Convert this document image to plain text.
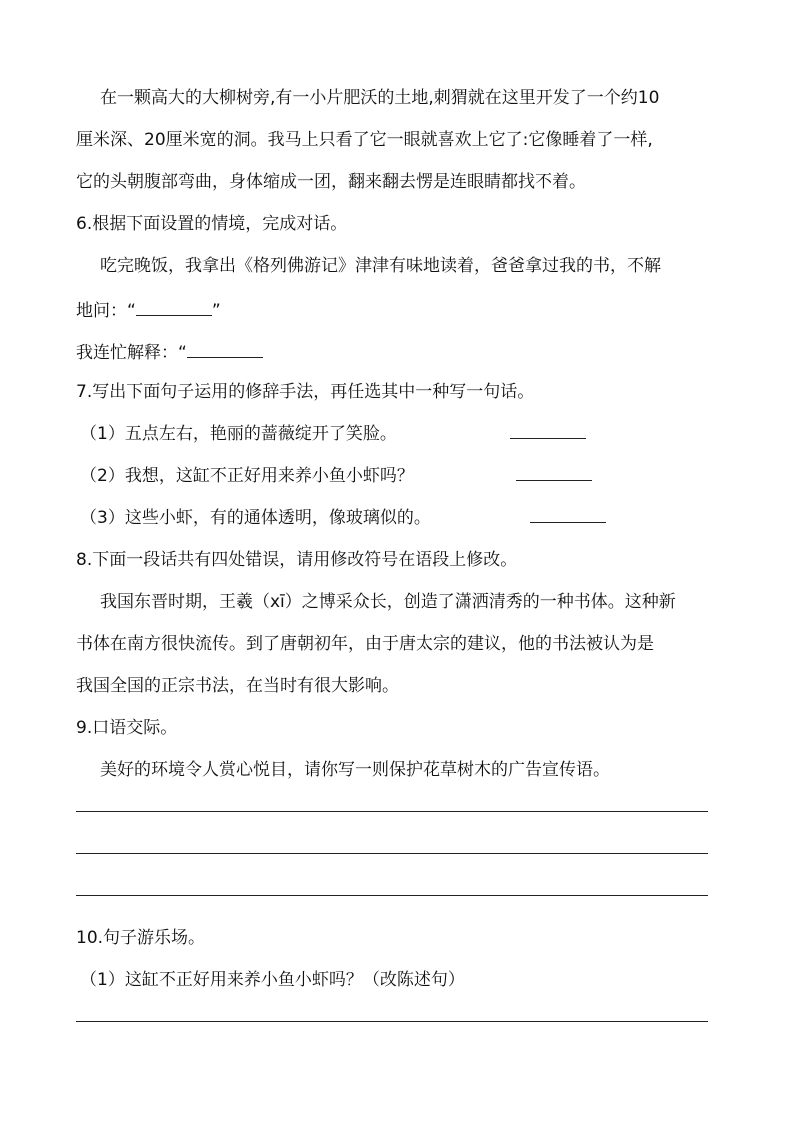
在一颗高大的大柳树旁,有一小片肥沃的土地,刺猬就在这里开发了一个约10
厘米深、20厘米宽的洞。我马上只看了它一眼就喜欢上它了:它像睡着了一样,
它的头朝腹部弯曲，身体缩成一团，翻来翻去愣是连眼睛都找不着。
6.根据下面设置的情境，完成对话。
吃完晚饭，我拿出《格列佛游记》津津有味地读着，爸爸拿过我的书，不解
地问：“	”
我连忙解释：“
7.写出下面句子运用的修辞手法，再任选其中一种写一句话。
（1）五点左右，艳丽的蔷薇绽开了笑脸。
（2）我想，这缸不正好用来养小鱼小虾吗？
（3）这些小虾，有的通体透明，像玻璃似的。
8.下面一段话共有四处错误，请用修改符号在语段上修改。
我国东晋时期，王羲（xī）之博采众长，创造了潇洒清秀的一种书体。这种新
书体在南方很快流传。到了唐朝初年，由于唐太宗的建议，他的书法被认为是
我国全国的正宗书法，在当时有很大影响。
9.口语交际。
美好的环境令人赏心悦目，请你写一则保护花草树木的广告宣传语。
10.句子游乐场。
（1）这缸不正好用来养小鱼小虾吗？（改陈述句）
